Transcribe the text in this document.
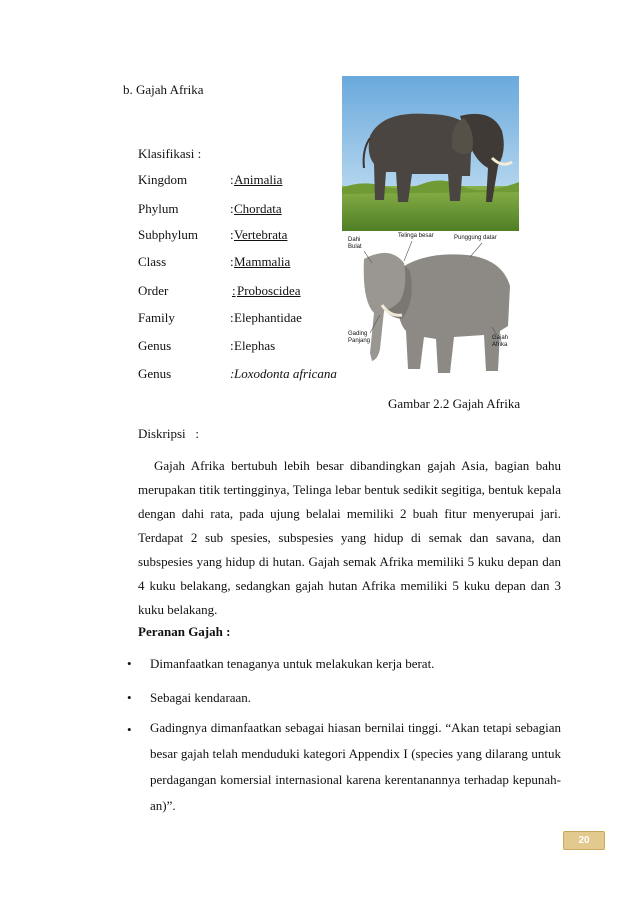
b. Gajah Afrika
Klasifikasi :
Kingdom	: Animalia
Phylum	: Chordata
Subphylum : Vertebrata
Class	: Mammalia
Order	: Proboscidea
Family	: Elephantidae
Genus	: Elephas
Genus	: Loxodonta africana
Dahi
Bulat
Telinga besar	Punggung datar
Gading
Panjang	Gajah
Afrika
Gambar 2.2 Gajah Afrika
Diskripsi   :
Gajah Afrika bertubuh lebih besar dibandingkan gajah Asia, bagian bahu merupakan titik tertingginya, Telinga lebar bentuk sedikit segitiga, bentuk kepala dengan dahi rata, pada ujung belalai memiliki 2 buah fitur menyerupai jari. Terdapat 2 sub spesies, subspesies yang hidup di semak dan savana, dan subspesies yang hidup di hutan. Gajah semak Afrika memiliki 5 kuku depan dan 4 kuku belakang, sedangkan gajah hutan Afrika memiliki 5 kuku depan dan 3 kuku belakang.
Peranan Gajah :
• Dimanfaatkan tenaganya untuk melakukan kerja berat.
• Sebagai kendaraan.
• Gadingnya dimanfaatkan sebagai hiasan bernilai tinggi. “Akan tetapi sebagian besar gajah telah menduduki kategori Appendix I (species yang dilarang untuk perdagangan komersial internasional karena kerentanannya terhadap kepunah-an)”.
20
